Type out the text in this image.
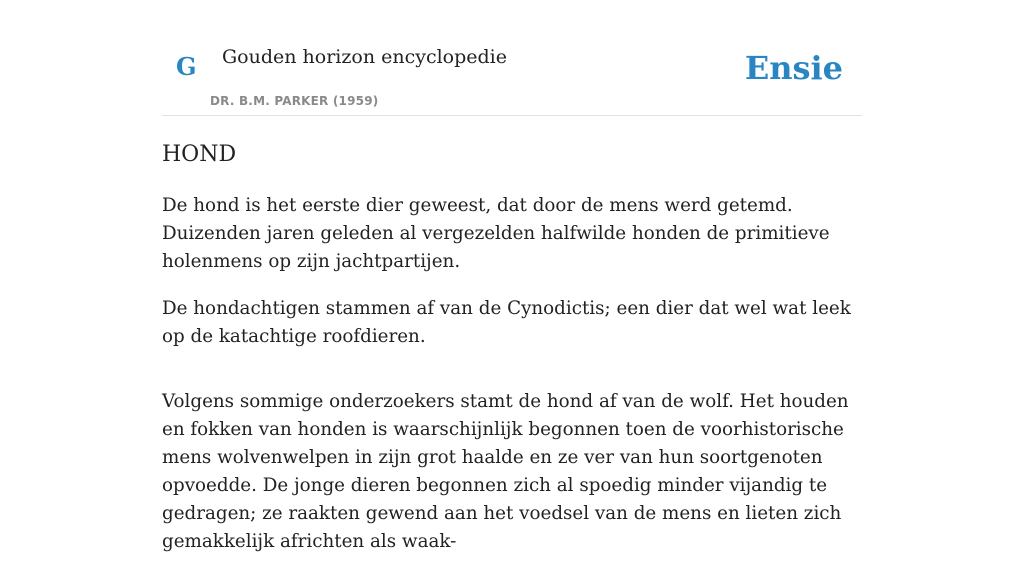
G Gouden horizon encyclopedie
DR. B.M. PARKER (1959)
Ensie
HOND

De hond is het eerste dier geweest, dat door de mens werd getemd. Duizenden jaren geleden al vergezelden halfwilde honden de primitieve holenmens op zijn jachtpartijen.

De hondachtigen stammen af van de Cynodictis; een dier dat wel wat leek op de katachtige roofdieren.

Volgens sommige onderzoekers stamt de hond af van de wolf. Het houden en fokken van honden is waarschijnlijk begonnen toen de voorhistorische mens wolvenwelpen in zijn grot haalde en ze ver van hun soortgenoten opvoedde. De jonge dieren begonnen zich al spoedig minder vijandig te gedragen; ze raakten gewend aan het voedsel van de mens en lieten zich gemakkelijk africhten als waak-
